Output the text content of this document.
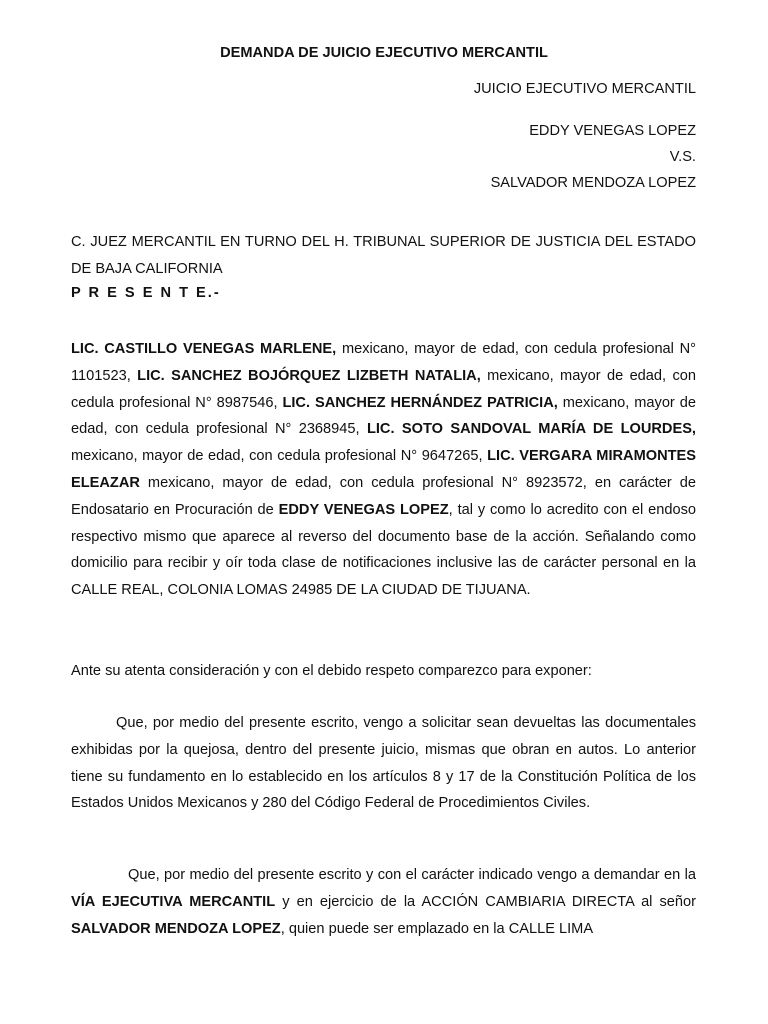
DEMANDA DE JUICIO EJECUTIVO MERCANTIL
JUICIO EJECUTIVO MERCANTIL
EDDY VENEGAS LOPEZ
V.S.
SALVADOR MENDOZA LOPEZ

C. JUEZ MERCANTIL EN TURNO DEL H. TRIBUNAL SUPERIOR DE JUSTICIA DEL ESTADO DE BAJA CALIFORNIA

P R E S E N T E.-

LIC. CASTILLO VENEGAS MARLENE, mexicano, mayor de edad, con cedula profesional N° 1101523, LIC. SANCHEZ BOJÓRQUEZ LIZBETH NATALIA, mexicano, mayor de edad, con cedula profesional N° 8987546, LIC. SANCHEZ HERNÁNDEZ PATRICIA, mexicano, mayor de edad, con cedula profesional N° 2368945, LIC. SOTO SANDOVAL MARÍA DE LOURDES, mexicano, mayor de edad, con cedula profesional N° 9647265, LIC. VERGARA MIRAMONTES ELEAZAR mexicano, mayor de edad, con cedula profesional N° 8923572, en carácter de Endosatario en Procuración de EDDY VENEGAS LOPEZ, tal y como lo acredito con el endoso respectivo mismo que aparece al reverso del documento base de la acción. Señalando como domicilio para recibir y oír toda clase de notificaciones inclusive las de carácter personal en la CALLE REAL, COLONIA LOMAS 24985 DE LA CIUDAD DE TIJUANA.

Ante su atenta consideración y con el debido respeto comparezco para exponer:

Que, por medio del presente escrito, vengo a solicitar sean devueltas las documentales exhibidas por la quejosa, dentro del presente juicio, mismas que obran en autos. Lo anterior tiene su fundamento en lo establecido en los artículos 8 y 17 de la Constitución Política de los Estados Unidos Mexicanos y 280 del Código Federal de Procedimientos Civiles.

Que, por medio del presente escrito y con el carácter indicado vengo a demandar en la VÍA EJECUTIVA MERCANTIL y en ejercicio de la ACCIÓN CAMBIARIA DIRECTA al señor SALVADOR MENDOZA LOPEZ, quien puede ser emplazado en la CALLE LIMA
